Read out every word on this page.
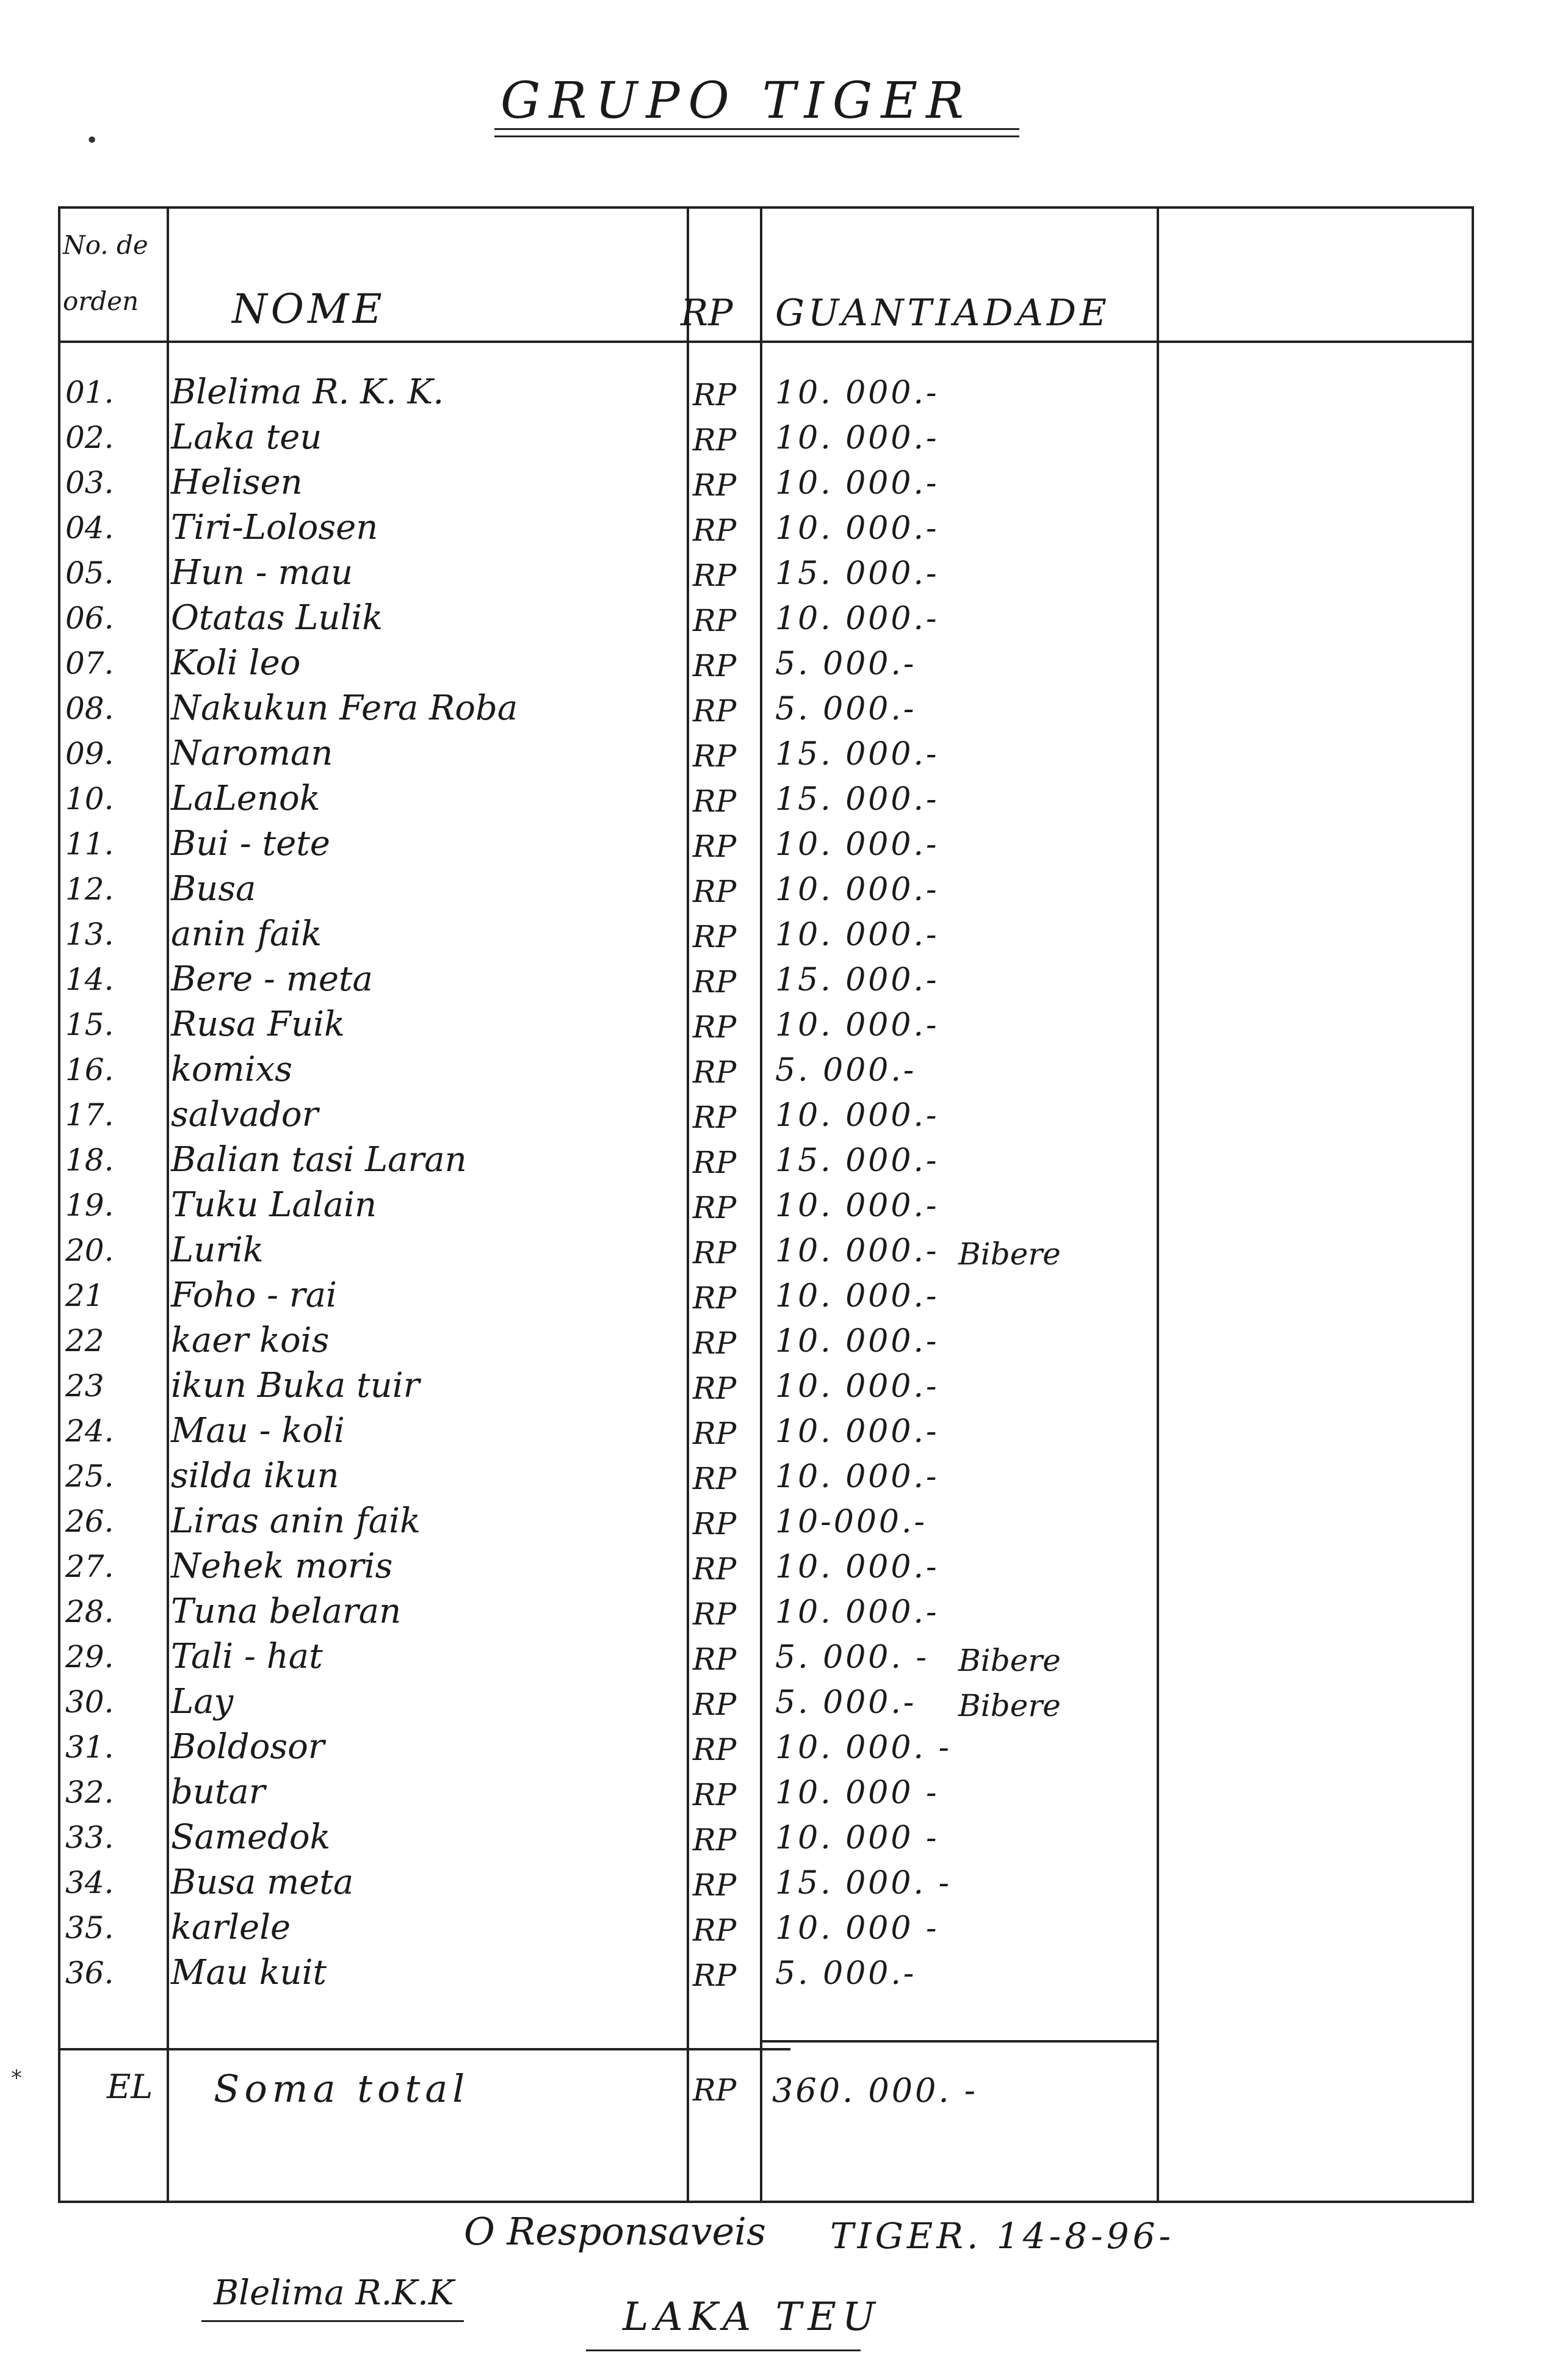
GRUPO TIGER
No. de orden	NOME	RP GUANTIADADE
01. Blelima R. K. K.	RP 10. 000.-
02. Laka teu	RP 10. 000.-
03. Helisen	RP 10. 000.-
04. Tiri-Lolosen	RP 10. 000.-
05. Hun - mau	RP 15. 000.-
06. Otatas Lulik	RP 10. 000.-
07. Koli leo	RP 5. 000.-
08. Nakukun Fera Roba	RP 5. 000.-
09. Naroman	RP 15. 000.-
10. LaLenok	RP 15. 000.-
11. Bui - tete	RP 10. 000.-
12. Busa	RP 10. 000.-
13. anin faik	RP 10. 000.-
14. Bere - meta	RP 15. 000.-
15. Rusa Fuik	RP 10. 000.-
16. komixs	RP 5. 000.-
17. salvador	RP 10. 000.-
18. Balian tasi Laran	RP 15. 000.-
19. Tuku Lalain	RP 10. 000.-
20. Lurik	RP 10. 000.- Bibere
21 Foho - rai	RP 10. 000.-
22 kaer kois	RP 10. 000.-
23 ikun Buka tuir	RP 10. 000.-
24. Mau - koli	RP 10. 000.-
25. silda ikun	RP 10. 000.-
26. Liras anin faik	RP 10-000.-
27. Nehek moris	RP 10. 000.-
28. Tuna belaran	RP 10. 000.-
29. Tali - hat	RP 5. 000. - Bibere
30. Lay	RP 5. 000.- Bibere
31. Boldosor	RP 10. 000. -
32. butar	RP 10. 000 -
33. Samedok	RP 10. 000 -
34. Busa meta	RP 15. 000. -
35. karlele	RP 10. 000 -
36. Mau kuit	RP 5. 000.-
EL Soma total	RP 360. 000. -
O Responsaveis TIGER. 14-8-96-
Blelima R.K.K
LAKA TEU
*
•
